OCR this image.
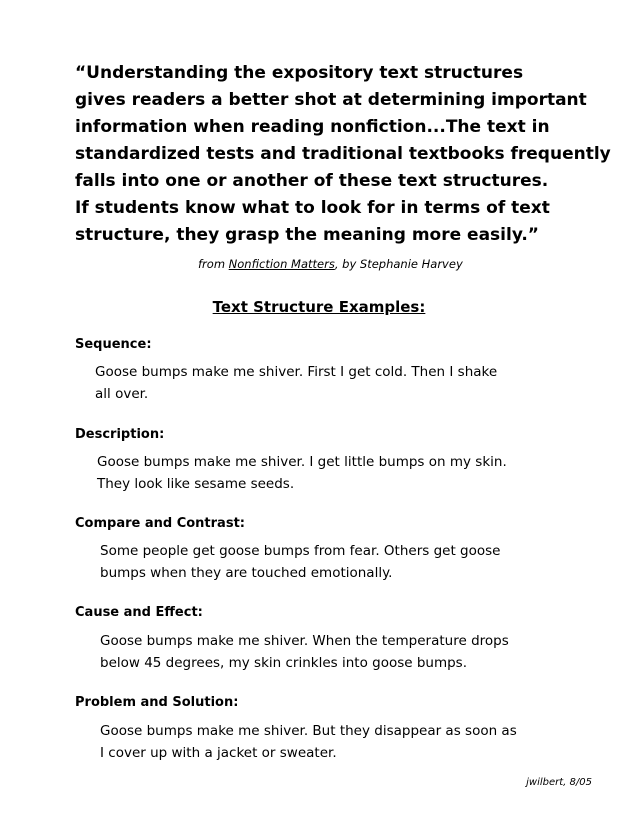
“Understanding the expository text structures
gives readers a better shot at determining important
information when reading nonfiction...The text in
standardized tests and traditional textbooks frequently
falls into one or another of these text structures.
If students know what to look for in terms of text
structure, they grasp the meaning more easily.”
from Nonfiction Matters, by Stephanie Harvey
Text Structure Examples:
Sequence:
Goose bumps make me shiver. First I get cold. Then I shake
all over.
Description:
Goose bumps make me shiver. I get little bumps on my skin.
They look like sesame seeds.
Compare and Contrast:
Some people get goose bumps from fear. Others get goose
bumps when they are touched emotionally.
Cause and Effect:
Goose bumps make me shiver. When the temperature drops
below 45 degrees, my skin crinkles into goose bumps.
Problem and Solution:
Goose bumps make me shiver. But they disappear as soon as
I cover up with a jacket or sweater.
jwilbert, 8/05
